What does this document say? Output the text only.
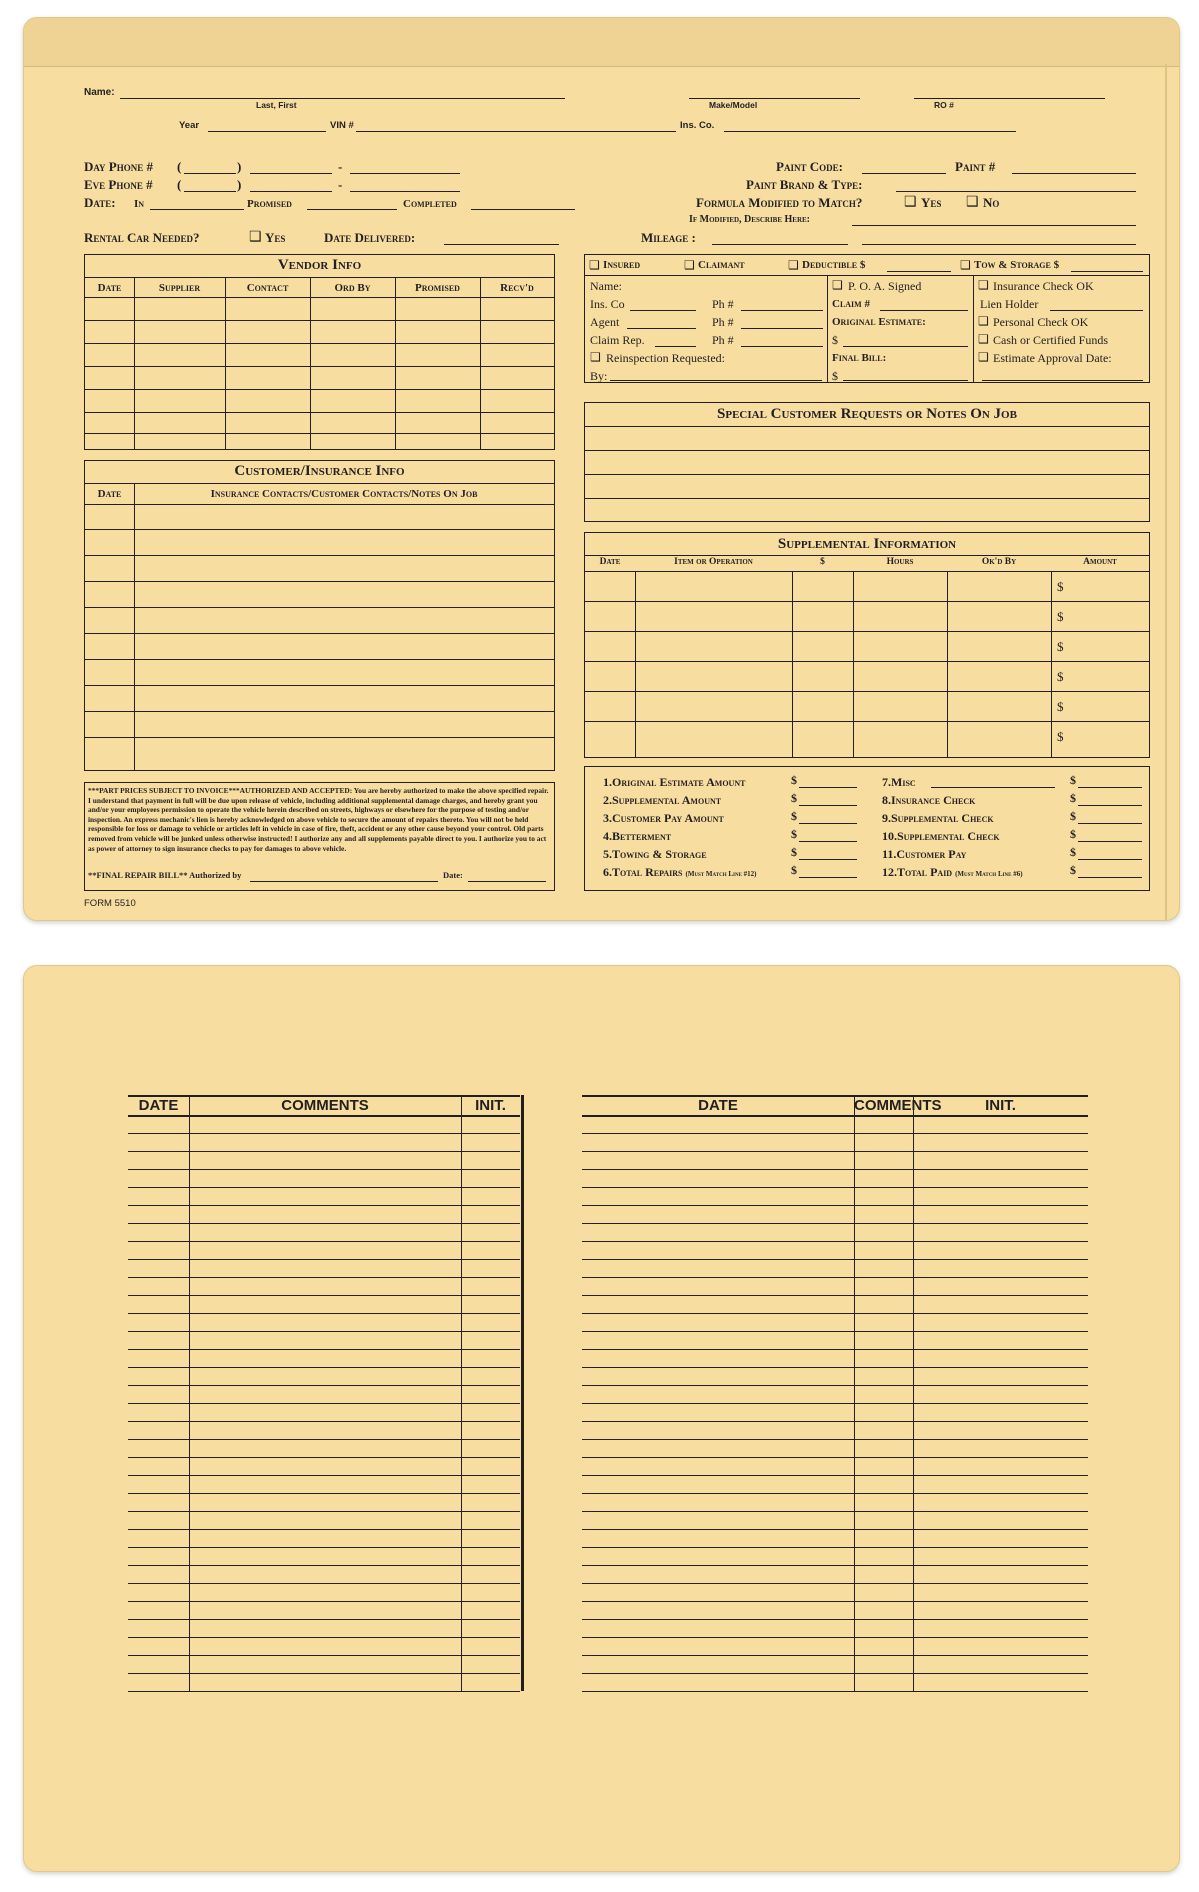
Name:
Last, First	Make/Model	RO #
Year	VIN #	Ins. Co.
Day Phone # (	)	-
Eve Phone # (	)	-
Date: In	Promised	Completed
Rental Car Needed?	❑ Yes	Date Delivered:
Paint Code:	Paint #
Paint Brand & Type:
Formula Modified to Match?	❑ Yes ❑ No
If Modified, Describe Here:
Mileage :
Vendor Info
Date	Supplier	Contact	Ord By	Promised	Recv'd
Customer/Insurance Info
Date	Insurance Contacts/Customer Contacts/Notes On Job
***PART PRICES SUBJECT TO INVOICE***AUTHORIZED AND ACCEPTED: You are hereby authorized to make the above specified repair. I understand that payment in full will be due upon release of vehicle, including additional supplemental damage charges, and hereby grant you and/or your employees permission to operate the vehicle herein described on streets, highways or elsewhere for the purpose of testing and/or inspection. An express mechanic's lien is hereby acknowledged on above vehicle to secure the amount of repairs thereto. You will not be held responsible for loss or damage to vehicle or articles left in vehicle in case of fire, theft, accident or any other cause beyond your control. Old parts removed from vehicle will be junked unless otherwise instructed! I authorize any and all supplements payable direct to you. I authorize you to act as power of attorney to sign insurance checks to pay for damages to above vehicle.
**FINAL REPAIR BILL** Authorized by	Date:
❑ Insured	❑ Claimant	❑ Deductible $	❑ Tow & Storage $
Name:
Ins. Co	Ph #
Agent	Ph #
Claim Rep.	Ph #
❑ Reinspection Requested:
By:
❑ P. O. A. Signed
Claim #
Original Estimate:
$
Final Bill:
$
❑ Insurance Check OK
Lien Holder
❑ Personal Check OK
❑ Cash or Certified Funds
❑ Estimate Approval Date:
Special Customer Requests or Notes On Job
Supplemental Information
Date	Item or Operation	$	Hours	Ok'd By	Amount
$
$
$
$
$
$
1.Original Estimate Amount	7.Misc
$	$
2.Supplemental Amount	8.Insurance Check
$	$
3.Customer Pay Amount	9.Supplemental Check
$	$
4.Betterment	10.Supplemental Check
$	$
5.Towing & Storage	11.Customer Pay
$	$
6.Total Repairs (Must Match Line #12)	12.Total Paid (Must Match Line #6)
$	$
FORM 5510
DATE	COMMENTS	INIT.	DATE	COMMENTS	INIT.
